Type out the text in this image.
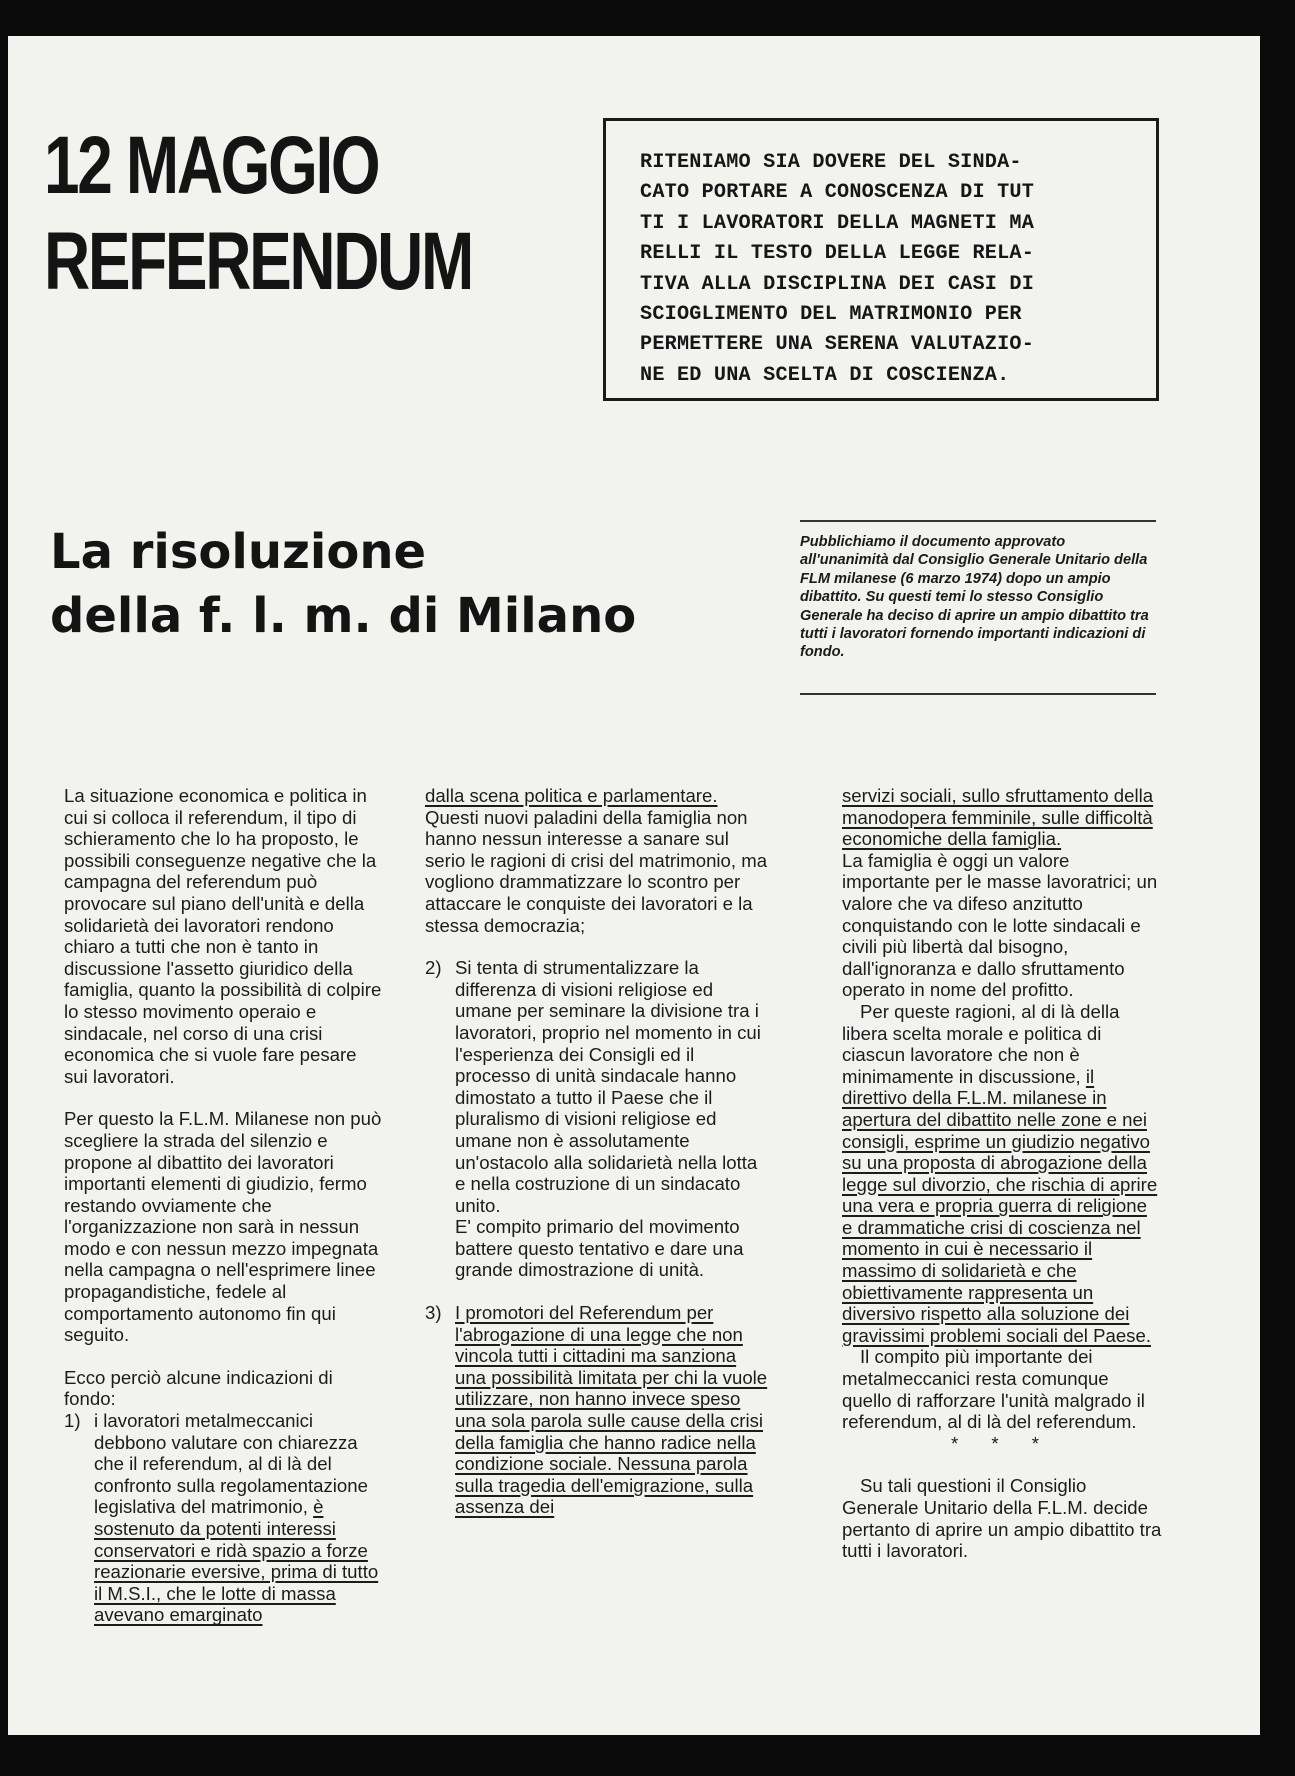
12 MAGGIO
REFERENDUM

RITENIAMO SIA DOVERE DEL SINDA-
CATO PORTARE A CONOSCENZA DI TUT
TI I LAVORATORI DELLA MAGNETI MA
RELLI IL TESTO DELLA LEGGE RELA-
TIVA ALLA DISCIPLINA DEI CASI DI
SCIOGLIMENTO DEL MATRIMONIO PER
PERMETTERE UNA SERENA VALUTAZIO-
NE ED UNA SCELTA DI COSCIENZA.

La risoluzione
della f. l. m. di Milano
Pubblichiamo il documento approvato all'unanimità dal Consiglio Generale Unitario della FLM milanese (6 marzo 1974) dopo un ampio dibattito. Su questi temi lo stesso Consiglio Generale ha deciso di aprire un ampio dibattito tra tutti i lavoratori fornendo importanti indicazioni di fondo.

La situazione economica e politica in cui si colloca il referendum, il tipo di schieramento che lo ha proposto, le possibili conseguenze negative che la campagna del referendum può provocare sul piano dell'unità e della solidarietà dei lavoratori rendono chiaro a tutti che non è tanto in discussione l'assetto giuridico della famiglia, quanto la possibilità di colpire lo stesso movimento operaio e sindacale, nel corso di una crisi economica che si vuole fare pesare sui lavoratori.

Per questo la F.L.M. Milanese non può scegliere la strada del silenzio e propone al dibattito dei lavoratori importanti elementi di giudizio, fermo restando ovviamente che l'organizzazione non sarà in nessun modo e con nessun mezzo impegnata nella campagna o nell'esprimere linee propagandistiche, fedele al comportamento autonomo fin qui seguito.

Ecco perciò alcune indicazioni di fondo:

1) i lavoratori metalmeccanici debbono valutare con chiarezza che il referendum, al di là del confronto sulla regolamentazione legislativa del matrimonio, è sostenuto da potenti interessi conservatori e ridà spazio a forze reazionarie eversive, prima di tutto il M.S.I., che le lotte di massa avevano emarginato

dalla scena politica e parlamentare.

Questi nuovi paladini della famiglia non hanno nessun interesse a sanare sul serio le ragioni di crisi del matrimonio, ma vogliono drammatizzare lo scontro per attaccare le conquiste dei lavoratori e la stessa democrazia;

2) Si tenta di strumentalizzare la differenza di visioni religiose ed umane per seminare la divisione tra i lavoratori, proprio nel momento in cui l'esperienza dei Consigli ed il processo di unità sindacale hanno dimostato a tutto il Paese che il pluralismo di visioni religiose ed umane non è assolutamente un'ostacolo alla solidarietà nella lotta e nella costruzione di un sindacato unito.

E' compito primario del movimento battere questo tentativo e dare una grande dimostrazione di unità.

3) I promotori del Referendum per l'abrogazione di una legge che non vincola tutti i cittadini ma sanziona una possibilità limitata per chi la vuole utilizzare, non hanno invece speso una sola parola sulle cause della crisi della famiglia che hanno radice nella condizione sociale. Nessuna parola sulla tragedia dell'emigrazione, sulla assenza dei

servizi sociali, sullo sfruttamento della manodopera femminile, sulle difficoltà economiche della famiglia.

La famiglia è oggi un valore importante per le masse lavoratrici; un valore che va difeso anzitutto conquistando con le lotte sindacali e civili più libertà dal bisogno, dall'ignoranza e dallo sfruttamento operato in nome del profitto.

Per queste ragioni, al di là della libera scelta morale e politica di ciascun lavoratore che non è minimamente in discussione, il direttivo della F.L.M. milanese in apertura del dibattito nelle zone e nei consigli, esprime un giudizio negativo su una proposta di abrogazione della legge sul divorzio, che rischia di aprire una vera e propria guerra di religione e drammatiche crisi di coscienza nel momento in cui è necessario il massimo di solidarietà e che obiettivamente rappresenta un diversivo rispetto alla soluzione dei gravissimi problemi sociali del Paese.

Il compito più importante dei metalmeccanici resta comunque quello di rafforzare l'unità malgrado il referendum, al di là del referendum.

* * *

Su tali questioni il Consiglio Generale Unitario della F.L.M. decide pertanto di aprire un ampio dibattito tra tutti i lavoratori.
